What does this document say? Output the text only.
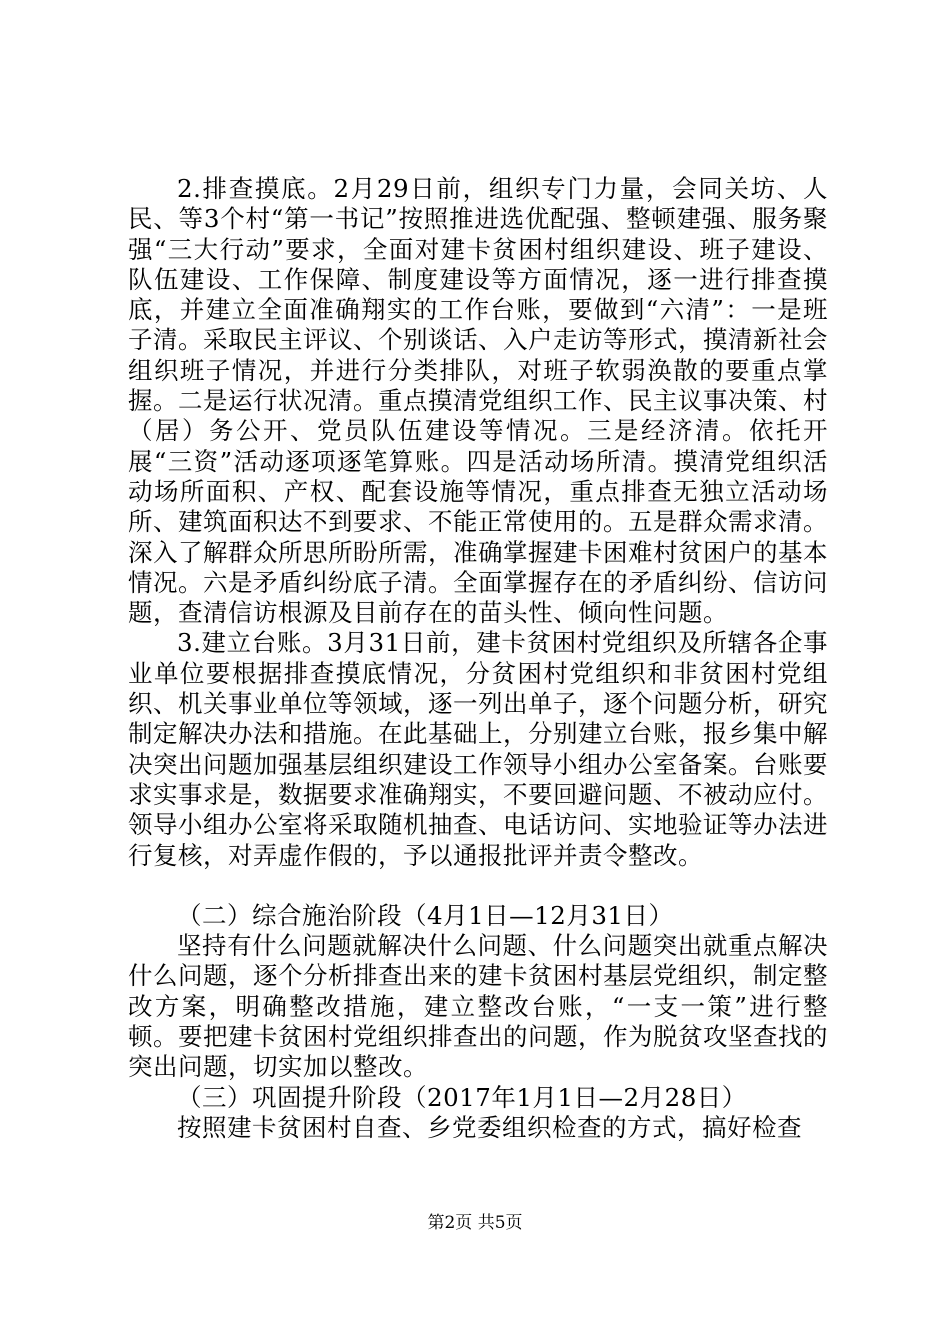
2.排查摸底。2月29日前，组织专门力量，会同关坊、人民、等3个村“第一书记”按照推进选优配强、整顿建强、服务聚强“三大行动”要求，全面对建卡贫困村组织建设、班子建设、队伍建设、工作保障、制度建设等方面情况，逐一进行排查摸底，并建立全面准确翔实的工作台账，要做到“六清”：一是班子清。采取民主评议、个别谈话、入户走访等形式，摸清新社会组织班子情况，并进行分类排队，对班子软弱涣散的要重点掌握。二是运行状况清。重点摸清党组织工作、民主议事决策、村（居）务公开、党员队伍建设等情况。三是经济清。依托开展“三资”活动逐项逐笔算账。四是活动场所清。摸清党组织活动场所面积、产权、配套设施等情况，重点排查无独立活动场所、建筑面积达不到要求、不能正常使用的。五是群众需求清。深入了解群众所思所盼所需，准确掌握建卡困难村贫困户的基本情况。六是矛盾纠纷底子清。全面掌握存在的矛盾纠纷、信访问题，查清信访根源及目前存在的苗头性、倾向性问题。

3.建立台账。3月31日前，建卡贫困村党组织及所辖各企事业单位要根据排查摸底情况，分贫困村党组织和非贫困村党组织、机关事业单位等领域，逐一列出单子，逐个问题分析，研究制定解决办法和措施。在此基础上，分别建立台账，报乡集中解决突出问题加强基层组织建设工作领导小组办公室备案。台账要求实事求是，数据要求准确翔实，不要回避问题、不被动应付。领导小组办公室将采取随机抽查、电话访问、实地验证等办法进行复核，对弄虚作假的，予以通报批评并责令整改。

（二）综合施治阶段（4月1日—12月31日）

坚持有什么问题就解决什么问题、什么问题突出就重点解决什么问题，逐个分析排查出来的建卡贫困村基层党组织，制定整改方案，明确整改措施，建立整改台账，“一支一策”进行整顿。要把建卡贫困村党组织排查出的问题，作为脱贫攻坚查找的突出问题，切实加以整改。

（三）巩固提升阶段（2017年1月1日—2月28日）

按照建卡贫困村自查、乡党委组织检查的方式，搞好检查

第2页 共5页
